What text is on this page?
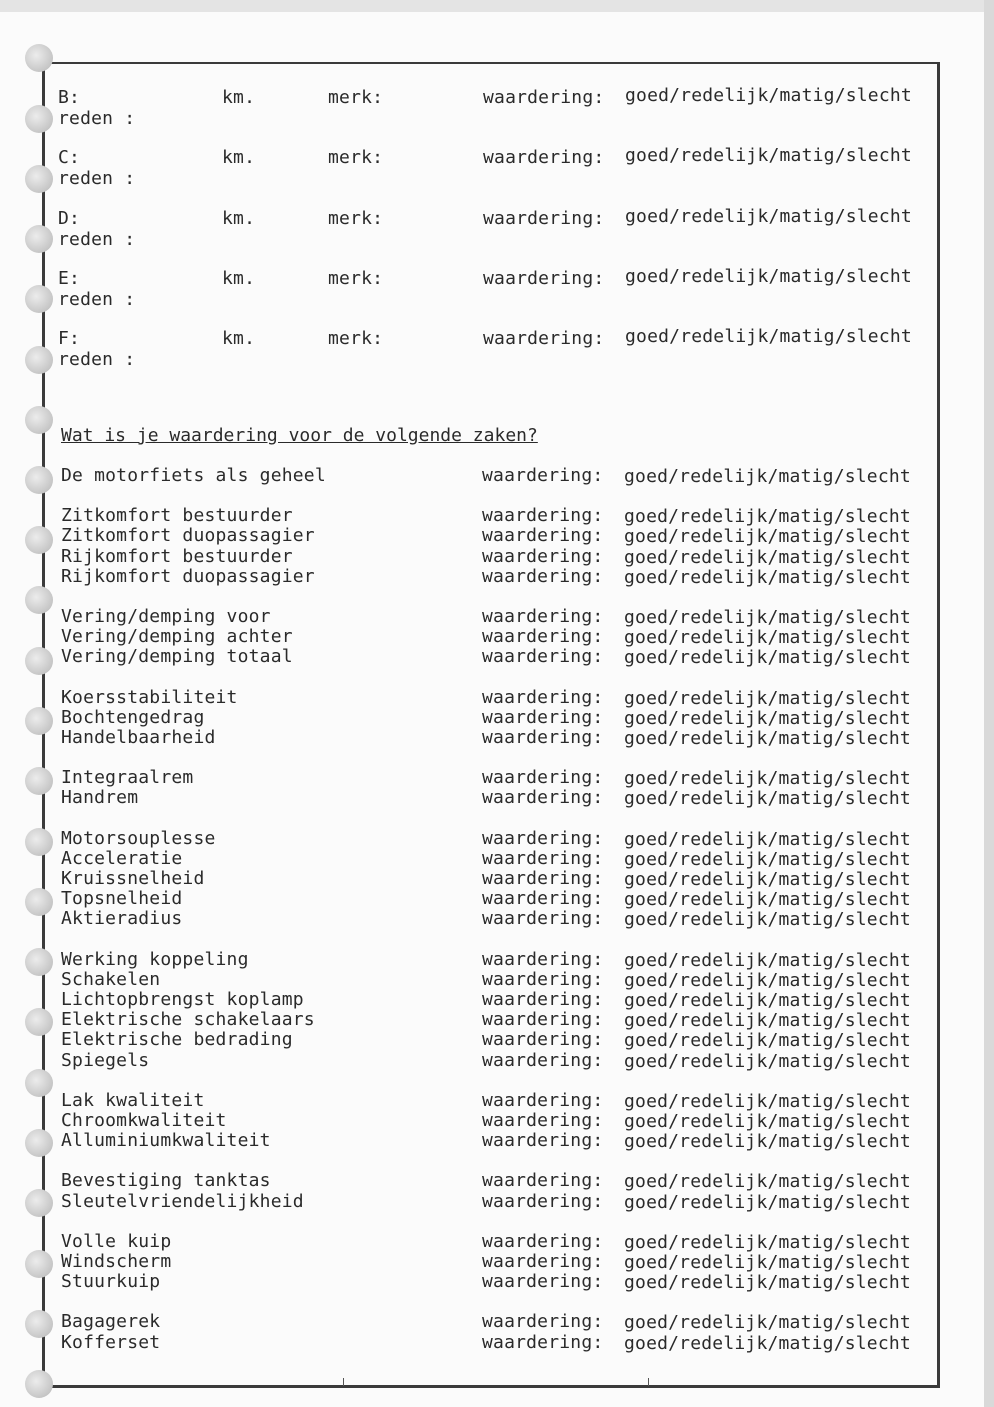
B:	km.	merk:	waardering: goed/redelijk/matig/slecht
reden :
C:	km.	merk:	waardering: goed/redelijk/matig/slecht
reden :
D:	km.	merk:	waardering: goed/redelijk/matig/slecht
reden :
E:	km.	merk:	waardering: goed/redelijk/matig/slecht
reden :
F:	km.	merk:	waardering: goed/redelijk/matig/slecht
reden :
Wat is je waardering voor de volgende zaken?
De motorfiets als geheel	waardering: goed/redelijk/matig/slecht
Zitkomfort bestuurder	waardering: goed/redelijk/matig/slecht
Zitkomfort duopassagier	waardering: goed/redelijk/matig/slecht
Rijkomfort bestuurder	waardering: goed/redelijk/matig/slecht
Rijkomfort duopassagier	waardering: goed/redelijk/matig/slecht
Vering/demping voor	waardering: goed/redelijk/matig/slecht
Vering/demping achter	waardering: goed/redelijk/matig/slecht
Vering/demping totaal	waardering: goed/redelijk/matig/slecht
Koersstabiliteit	waardering: goed/redelijk/matig/slecht
Bochtengedrag	waardering: goed/redelijk/matig/slecht
Handelbaarheid	waardering: goed/redelijk/matig/slecht
Integraalrem	waardering: goed/redelijk/matig/slecht
Handrem	waardering: goed/redelijk/matig/slecht
Motorsouplesse	waardering: goed/redelijk/matig/slecht
Acceleratie	waardering: goed/redelijk/matig/slecht
Kruissnelheid	waardering: goed/redelijk/matig/slecht
Topsnelheid	waardering: goed/redelijk/matig/slecht
Aktieradius	waardering: goed/redelijk/matig/slecht
Werking koppeling	waardering: goed/redelijk/matig/slecht
Schakelen	waardering: goed/redelijk/matig/slecht
Lichtopbrengst koplamp	waardering: goed/redelijk/matig/slecht
Elektrische schakelaars	waardering: goed/redelijk/matig/slecht
Elektrische bedrading	waardering: goed/redelijk/matig/slecht
Spiegels	waardering: goed/redelijk/matig/slecht
Lak kwaliteit	waardering: goed/redelijk/matig/slecht
Chroomkwaliteit	waardering: goed/redelijk/matig/slecht
Alluminiumkwaliteit	waardering: goed/redelijk/matig/slecht
Bevestiging tanktas	waardering: goed/redelijk/matig/slecht
Sleutelvriendelijkheid	waardering: goed/redelijk/matig/slecht
Volle kuip	waardering: goed/redelijk/matig/slecht
Windscherm	waardering: goed/redelijk/matig/slecht
Stuurkuip	waardering: goed/redelijk/matig/slecht
Bagagerek	waardering: goed/redelijk/matig/slecht
Kofferset	waardering: goed/redelijk/matig/slecht
